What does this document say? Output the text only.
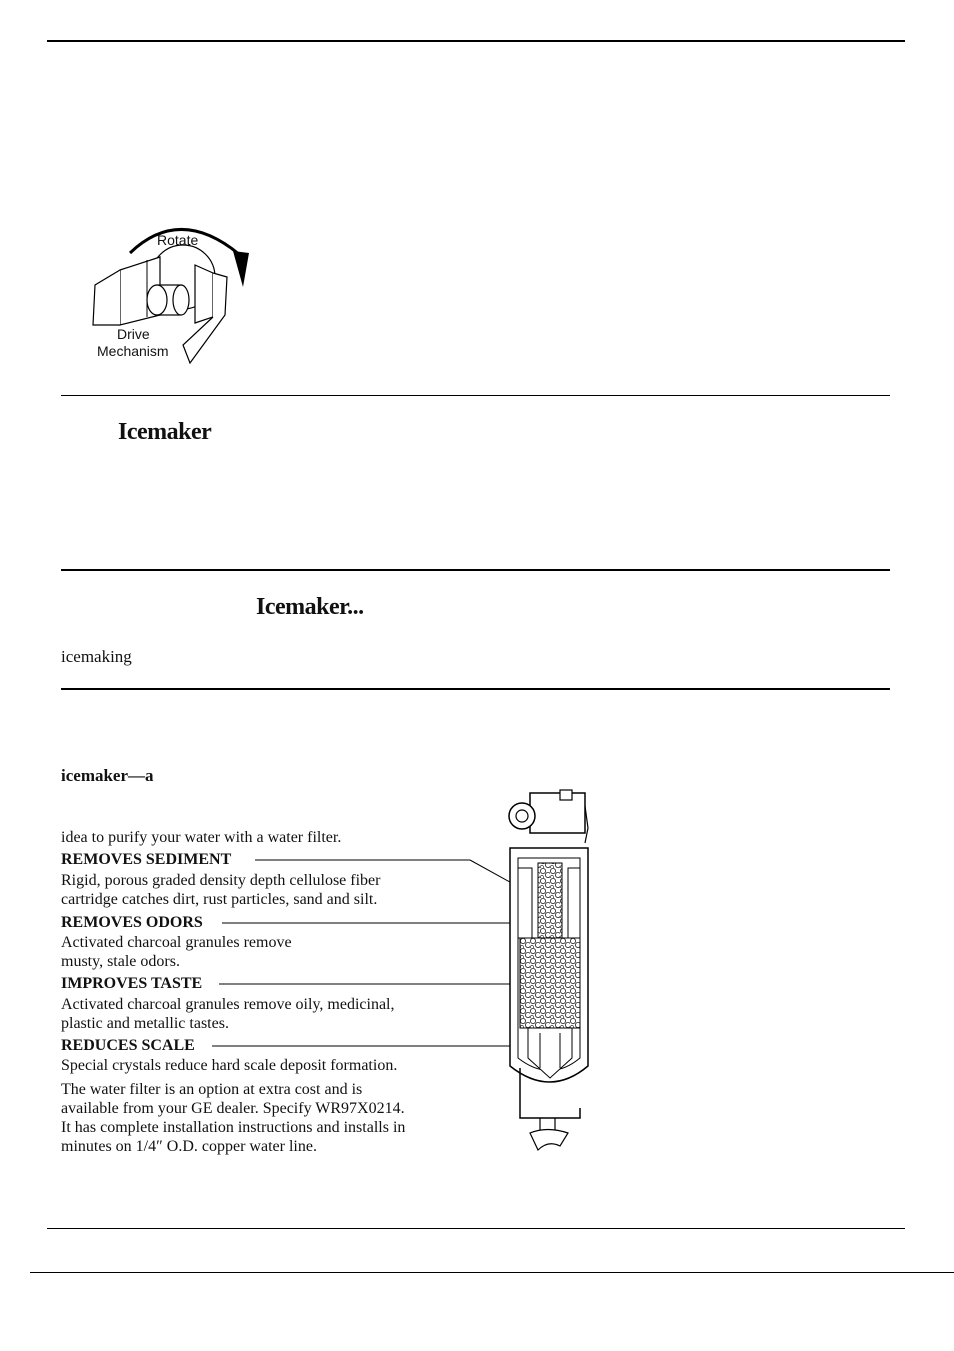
Rotate
Drive
Mechanism
Icemaker
Icemaker...
icemaking
icemaker—a
idea to purify your water with a water filter.
REMOVES SEDIMENT
Rigid, porous graded density depth cellulose fiber
cartridge catches dirt, rust particles, sand and silt.
REMOVES ODORS
Activated charcoal granules remove
musty, stale odors.
IMPROVES TASTE
Activated charcoal granules remove oily, medicinal,
plastic and metallic tastes.
REDUCES SCALE
Special crystals reduce hard scale deposit formation.
The water filter is an option at extra cost and is
available from your GE dealer. Specify WR97X0214.
It has complete installation instructions and installs in
minutes on 1/4″ O.D. copper water line.
